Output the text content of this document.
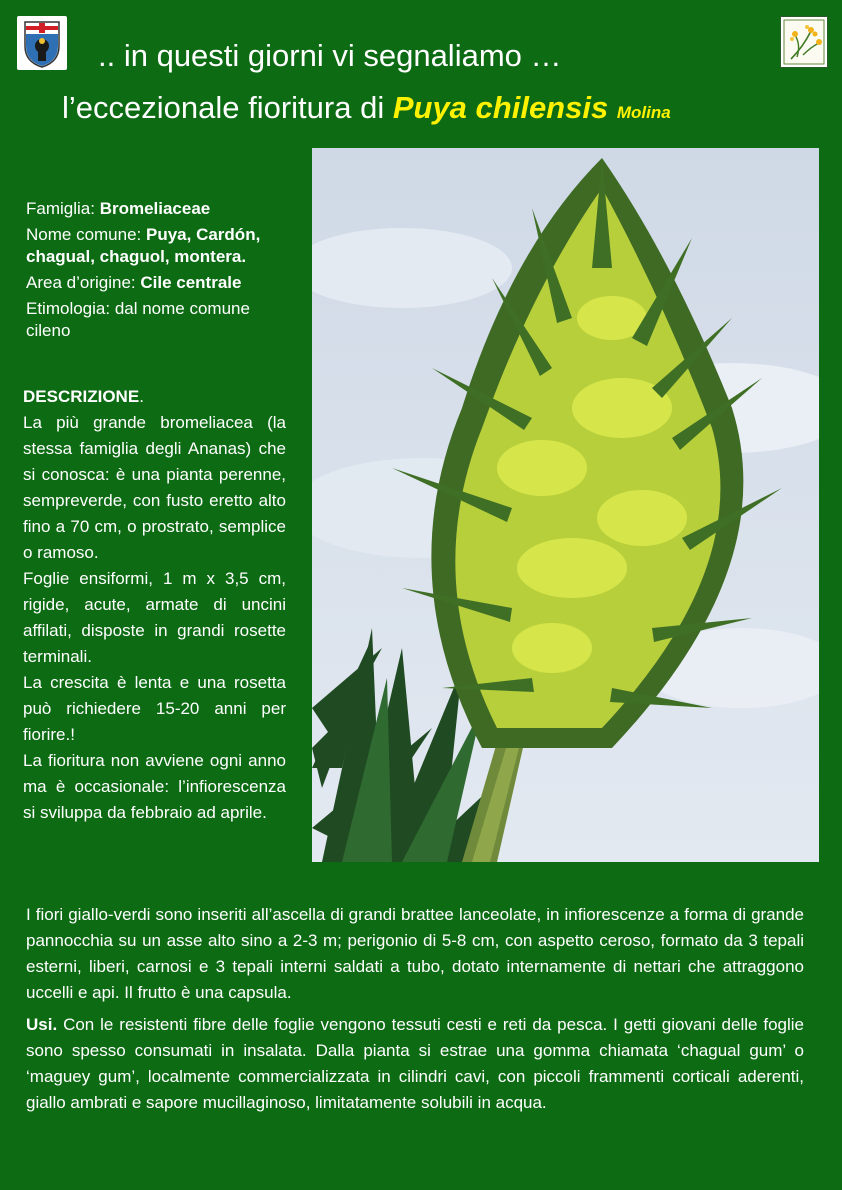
.. in questi giorni vi segnaliamo …
l’eccezionale fioritura di Puya chilensis Molina

Famiglia: Bromeliaceae

Nome comune: Puya, Cardón, chagual, chaguol, montera.

Area d’origine: Cile centrale

Etimologia: dal nome comune cileno

DESCRIZIONE.

La più grande bromeliacea (la stessa famiglia degli Ananas) che si conosca: è una pianta perenne, sempreverde, con fusto eretto alto fino a 70 cm, o prostrato, semplice o ramoso.

Foglie ensiformi, 1 m x 3,5 cm, rigide, acute, armate di uncini affilati, disposte in grandi rosette terminali.

La crescita è lenta e una rosetta può richiedere 15-20 anni per fiorire.!

La fioritura non avviene ogni anno ma è occasionale: l’infiorescenza si sviluppa da febbraio ad aprile.

I fiori giallo-verdi sono inseriti all’ascella di grandi brattee lanceolate, in infiorescenze a forma di grande pannocchia su un asse alto sino a 2-3 m; perigonio di 5-8 cm, con aspetto ceroso, formato da 3 tepali esterni, liberi, carnosi e 3 tepali interni saldati a tubo, dotato internamente di nettari che attraggono uccelli e api. Il frutto è una capsula.

Usi. Con le resistenti fibre delle foglie vengono tessuti cesti e reti da pesca. I getti giovani delle foglie sono spesso consumati in insalata. Dalla pianta si estrae una gomma chiamata ‘chagual gum’ o ‘maguey gum’, localmente commercializzata in cilindri cavi, con piccoli frammenti corticali aderenti, giallo ambrati e sapore mucillaginoso, limitatamente solubili in acqua.
